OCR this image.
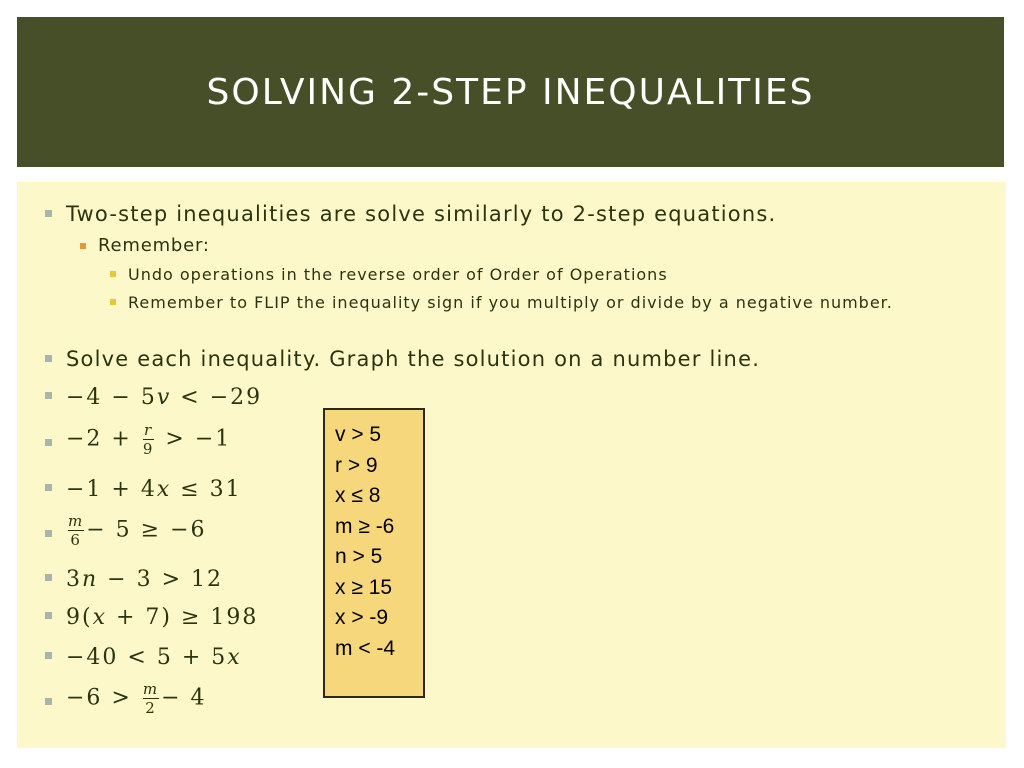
SOLVING 2-STEP INEQUALITIES
Two-step inequalities are solve similarly to 2-step equations.
Remember:
Undo operations in the reverse order of Order of Operations
Remember to FLIP the inequality sign if you multiply or divide by a negative number.
Solve each inequality. Graph the solution on a number line.
−4 − 5𝑣 < −29
$-2 + \frac{r}{9} > -1$
−1 + 4𝑥 ≤ 31
$\frac{m}{6} - 5 \ge -6$
3𝑛 − 3 > 12
9(𝑥 + 7) ≥ 198
−40 < 5 + 5𝑥
$-6 > \frac{m}{2} - 4$
v > 5
r > 9
x ≤ 8
m ≥ -6
n > 5
x ≥ 15
x > -9
m < -4
